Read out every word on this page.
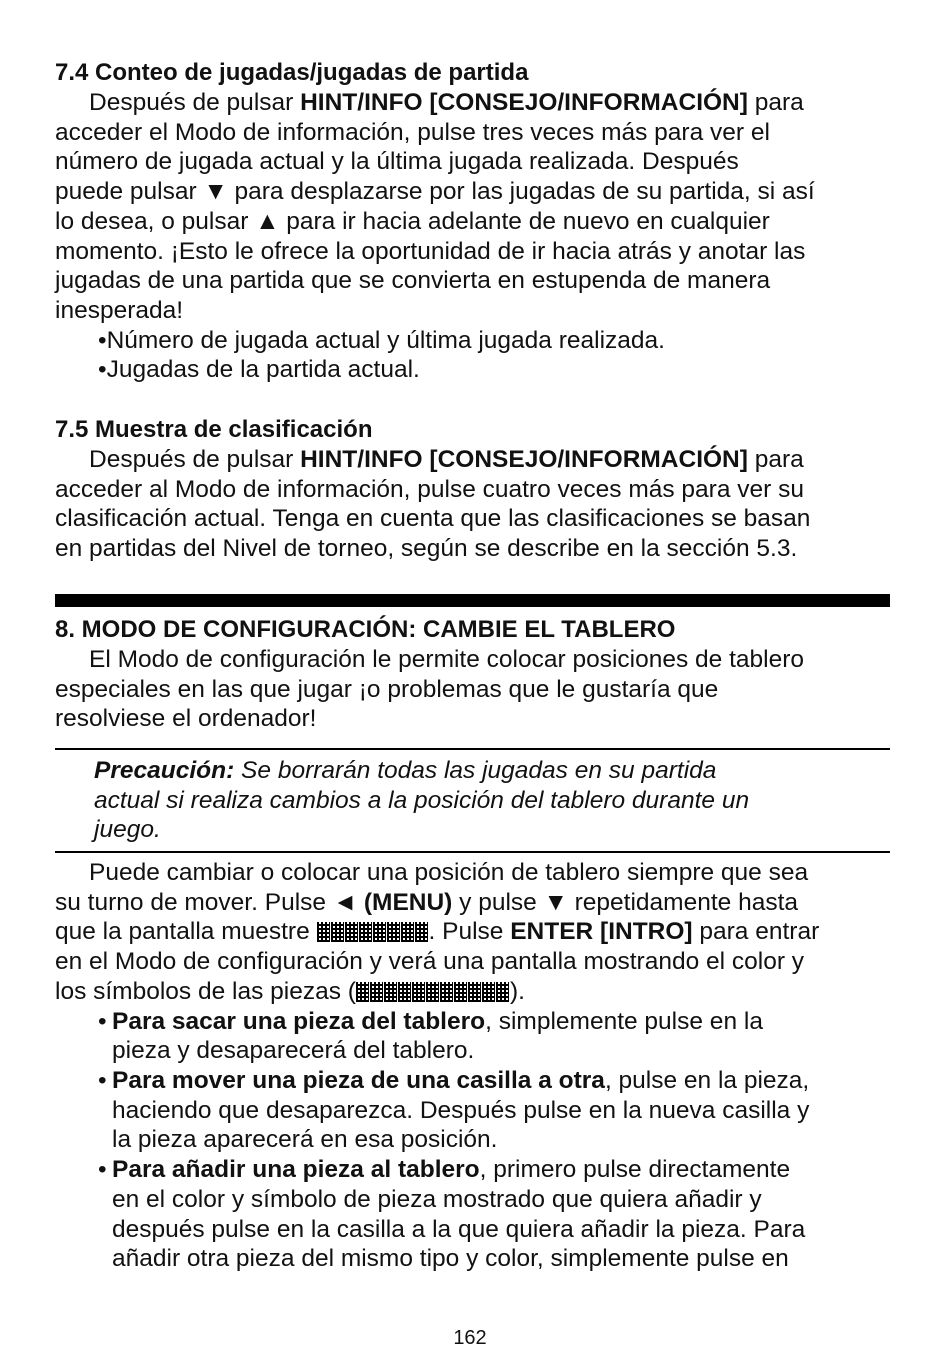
7.4 Conteo de jugadas/jugadas de partida

Después de pulsar HINT/INFO [CONSEJO/INFORMACIÓN] para

acceder el Modo de información, pulse tres veces más para ver el

número de jugada actual y la última jugada realizada. Después

puede pulsar ▼ para desplazarse por las jugadas de su partida, si así

lo desea, o pulsar ▲ para ir hacia adelante de nuevo en cualquier

momento. ¡Esto le ofrece la oportunidad de ir hacia atrás y anotar las

jugadas de una partida que se convierta en estupenda de manera

inesperada!

•Número de jugada actual y última jugada realizada.
•Jugadas de la partida actual.

7.5 Muestra de clasificación

Después de pulsar HINT/INFO [CONSEJO/INFORMACIÓN] para

acceder al Modo de información, pulse cuatro veces más para ver su

clasificación actual. Tenga en cuenta que las clasificaciones se basan

en partidas del Nivel de torneo, según se describe en la sección 5.3.

8. MODO DE CONFIGURACIÓN: CAMBIE EL TABLERO

El Modo de configuración le permite colocar posiciones de tablero

especiales en las que jugar ¡o problemas que le gustaría que

resolviese el ordenador!

Precaución: Se borrarán todas las jugadas en su partida
actual si realiza cambios a la posición del tablero durante un
juego.

Puede cambiar o colocar una posición de tablero siempre que sea

su turno de mover. Pulse ◄ (MENU) y pulse ▼ repetidamente hasta

que la pantalla muestre	. Pulse ENTER [INTRO] para entrar

en el Modo de configuración y verá una pantalla mostrando el color y

los símbolos de las piezas (	).

• Para sacar una pieza del tablero, simplemente pulse en la
pieza y desaparecerá del tablero.
• Para mover una pieza de una casilla a otra, pulse en la pieza,
haciendo que desaparezca. Después pulse en la nueva casilla y
la pieza aparecerá en esa posición.
• Para añadir una pieza al tablero, primero pulse directamente
en el color y símbolo de pieza mostrado que quiera añadir y
después pulse en la casilla a la que quiera añadir la pieza. Para
añadir otra pieza del mismo tipo y color, simplemente pulse en
162
